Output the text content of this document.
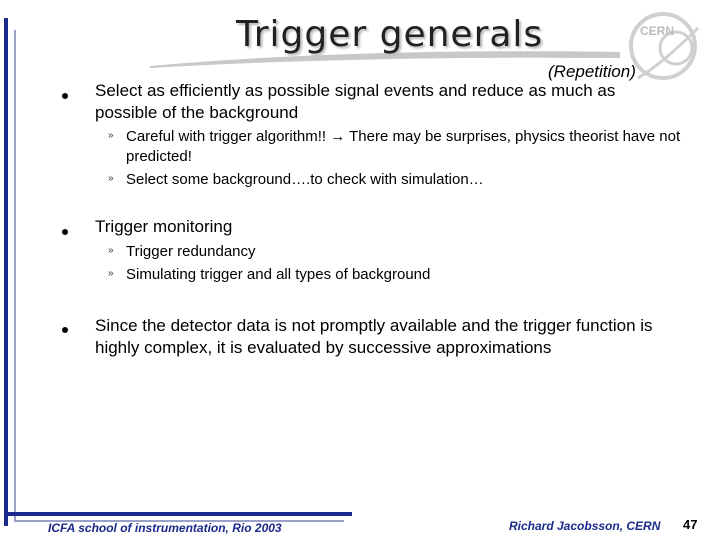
Trigger generals	CERN
(Repetition)
Select as efficiently as possible signal events and reduce as much as possible of the background
» Careful with trigger algorithm!! → There may be surprises, physics theorist have not predicted!
» Select some background….to check with simulation…
Trigger monitoring
» Trigger redundancy
» Simulating trigger and all types of background
Since the detector data is not promptly available and the trigger function is highly complex, it is evaluated by successive approximations
ICFA school of instrumentation, Rio 2003	Richard Jacobsson, CERN 47
